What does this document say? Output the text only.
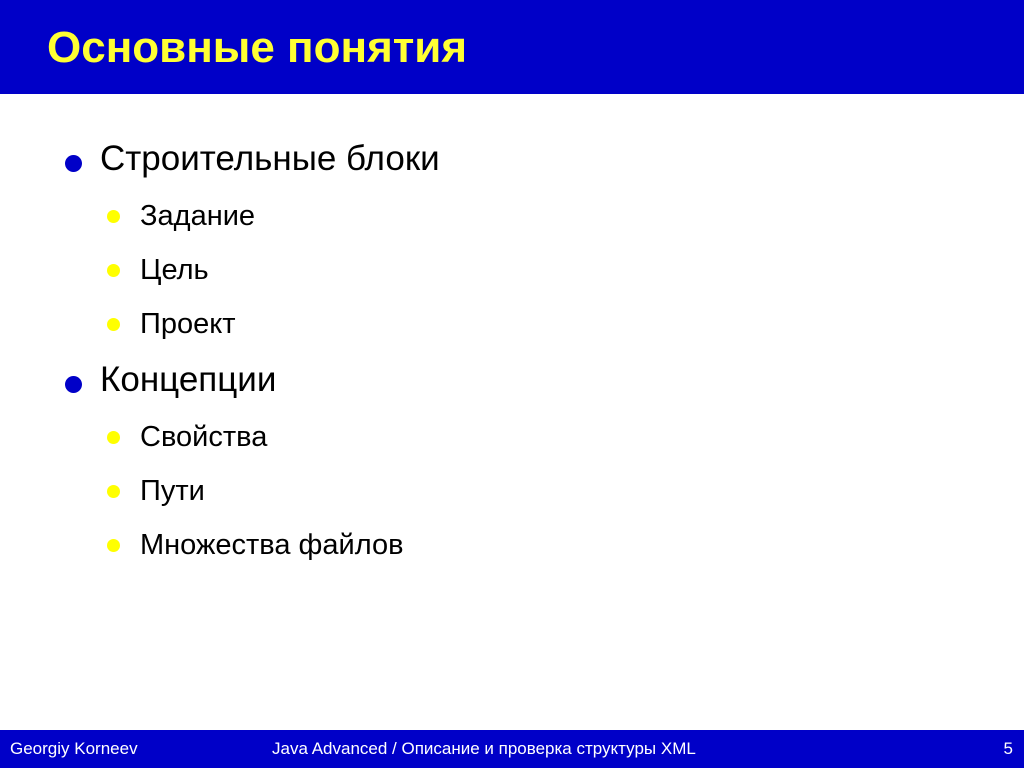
Основные понятия
Строительные блоки
Задание
Цель
Проект
Концепции
Свойства
Пути
Множества файлов
Georgiy Korneev	Java Advanced / Описание и проверка структуры XML	5
